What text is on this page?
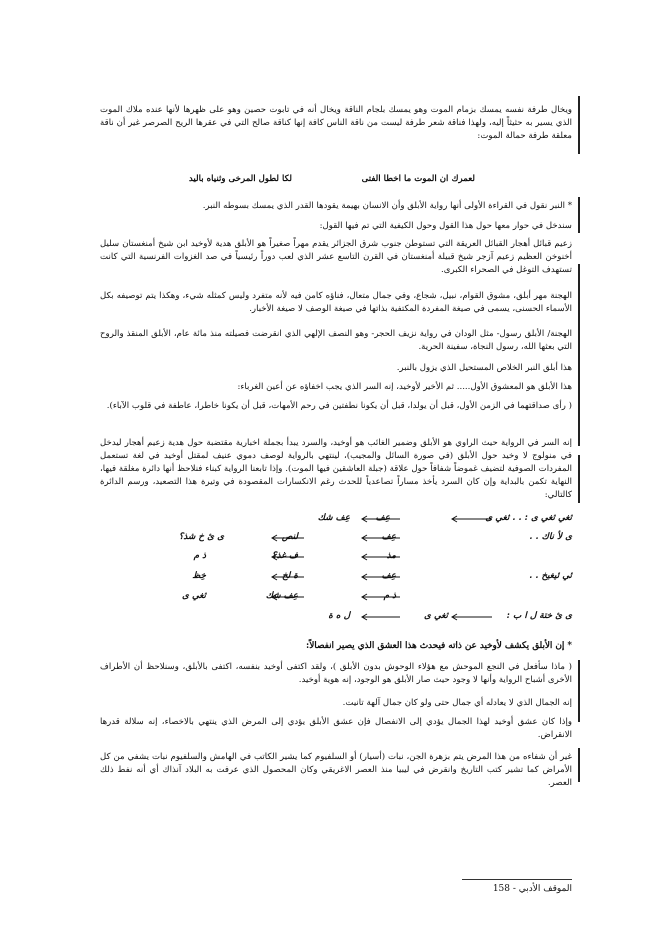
ويخال طرفة نفسه يمسك بزمام الموت وهو يمسك بلجام الناقة ويخال أنه في تابوت حصين وهو على ظهرها لأنها عنده ملاك الموت الذي يسير به حثيثاً إليه، ولهذا فناقة شعر طرفة ليست من ناقة الناس كافة إنها كناقة صالح التي في عقرها الريح الصرصر غير أن ناقة معلقة طرفة حمالة الموت:

لعمرك ان الموت ما اخطا الفتى
لكا لطول المرخى وثنياه باليد

* النبر نقول في القراءة الأولى أنها رواية الأبلق وأن الانسان بهيمة يقودها القدر الذي يمسك بسوطه النبر.

سندخل في حوار معها حول هذا القول وحول الكيفية التي تم فيها القول:

زعيم قبائل أهجار القبائل العريقة التي تستوطن جنوب شرق الجزائر يقدم مهراً صغيراً هو الأبلق هدية لأوخيد ابن شيخ أمنغستان سليل أخنوخن العظيم زعيم آزجر شيخ قبيلة أمنغستان في القرن التاسع عشر الذي لعب دوراً رئيسياً في صد الغزوات الفرنسية التي كانت تستهدف التوغل في الصحراء الكبرى.

الهجنة مهر أبلق، مشوق القوام، نبيل، شجاع، وفي جمال متعال، فناؤه كامن فيه لأنه متفرد وليس كمثله شيء، وهكذا يتم توصيفه بكل الأسماء الحسنى، يسمى في صيغة المفردة المكتفية بذاتها في صيغة الوصف لا صيغة الأخبار.

الهجنة/ الأبلق رسول- مثل الودان في رواية نزيف الحجر- وهو النصف الإلهي الذي انقرضت فصيلته منذ مائة عام، الأبلق المنقذ والروح التي بعثها الله، رسول النجاة، سفينة الحرية.

هذا أبلق النبر الخلاص المستحيل الذي يزول بالنبر.

هذا الأبلق هو المعشوق الأول..... ثم الأخير لأوخيد، إنه السر الذي يجب اخفاؤه عن أعين الغرباء:

( رأى صداقتهما في الزمن الأول، قبل أن يولدا، قبل أن يكونا نطفتين في رحم الأمهات، قبل أن يكونا خاطرا، عاطفة في قلوب الآباء).

إنه السر في الرواية حيث الراوي هو الأبلق وضمير الغائب هو أوخيد، والسرد يبدأ بجملة اخبارية مقتضبة حول هدية زعيم أهجار ليدخل في منولوج لا وخيد حول الأبلق (في صورة السائل والمجيب)، لينتهي بالرواية لوصف دموي عنيف لمقتل أوخيد في لغة تستعمل المفردات الصوفية لتضيف غموضاً شفافاً حول علاقة (جبلة العاشقين فيها الموت). وإذا تابعنا الرواية كبناء فنلاحظ أنها دائرة مغلقة فيها، النهاية تكمن بالبداية وإن كان السرد يأخذ مساراً تصاعدياً للحدث رغم الانكسارات المقصودة في وتيرة هذا التصعيد، ورسم الدائرة كالتالي:

ثغي ثغي ى : . . ثغي ى
عِف
عِف شك
ى لأ ناك . .
عِف
لنص
ى ئ خ شذ؟
مذ
ف غذ؟
ذ م
ئي ئيغيخ . .
عِف
ة لخ
خِظ
ذ م
عِف شك
ثغي ى
ى ئ ختة ل ا ب :
ثغي ى
ل ه ة
* إن الأبلق يكشف لأوخيد عن ذاته فيحدث هذا العشق الذي يصير انفصالاً:

( ماذا سأفعل في النجع الموحش مع هؤلاء الوحوش بدون الأبلق )، ولقد اكتفى أوخيد بنفسه، اكتفى بالأبلق، وسنلاحظ أن الأطراف الأخرى أشباح الرواية وأنها لا وجود حيث صار الأبلق هو الوجود، إنه هوية أوخيد.

إنه الجمال الذي لا يعادله أي جمال حتى ولو كان جمال آلهة تانيت.

وإذا كان عشق أوخيد لهذا الجمال يؤدي إلى الانفصال فإن عشق الأبلق يؤدي إلى المرض الذي ينتهي بالاخصاء، إنه سلالة قدرها الانقراض.

غير أن شفاءه من هذا المرض يتم بزهرة الجن، نبات (أسيار) أو السلفيوم كما يشير الكاتب في الهامش والسلفيوم نبات يشفي من كل الأمراض كما تشير كتب التاريخ وانقرض في ليبيا منذ العصر الاغريقي وكان المحصول الذي عرفت به البلاد آنذاك أي أنه نفط ذلك العصر.

الموقف الأدبي - 158
